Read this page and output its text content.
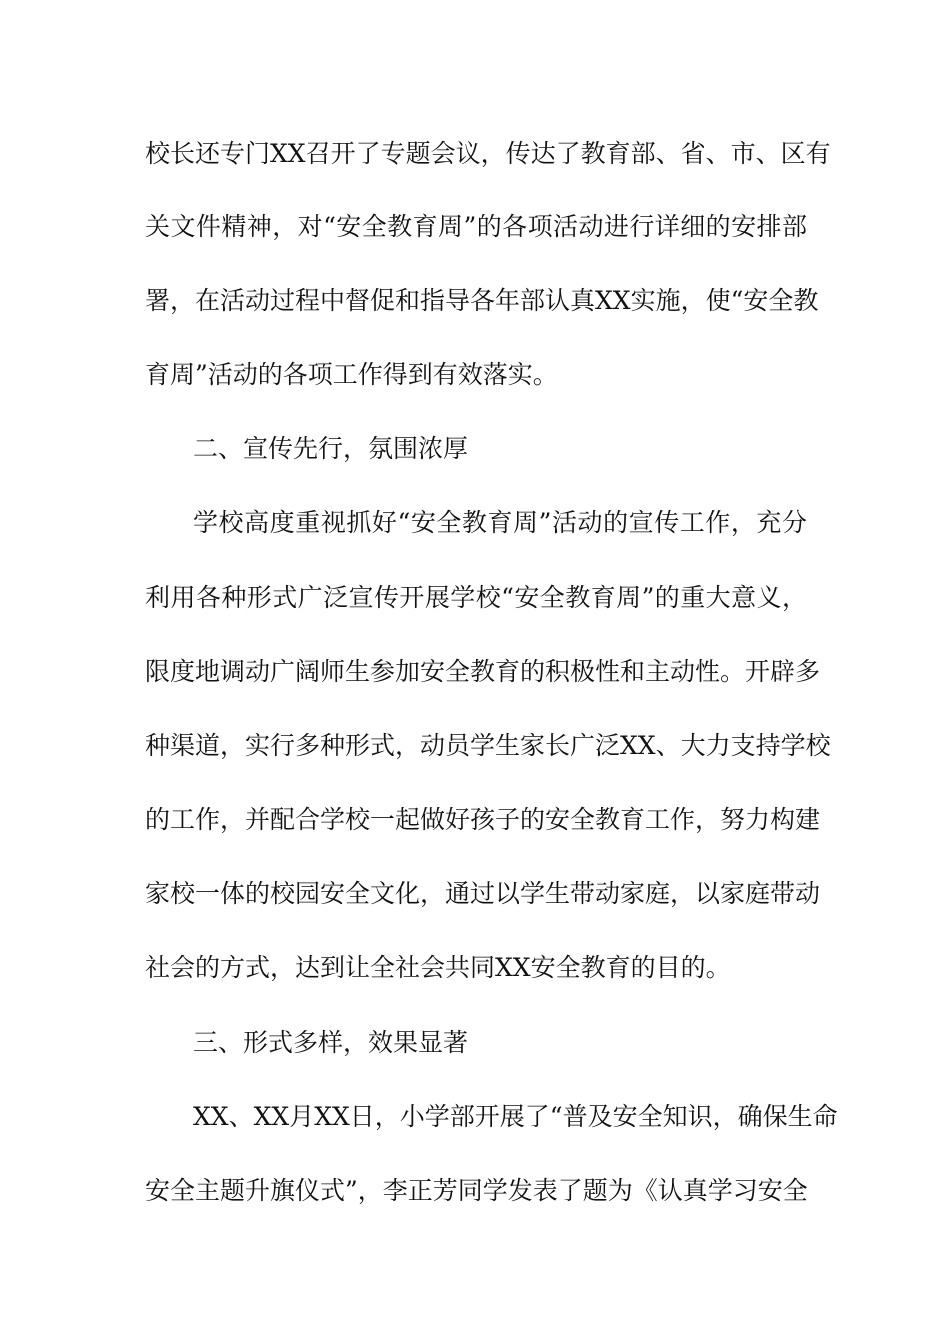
校长还专门XX召开了专题会议，传达了教育部、省、市、区有
关文件精神，对“安全教育周”的各项活动进行详细的安排部
署，在活动过程中督促和指导各年部认真XX实施，使“安全教
育周”活动的各项工作得到有效落实。
二、宣传先行，氛围浓厚
学校高度重视抓好“安全教育周”活动的宣传工作，充分
利用各种形式广泛宣传开展学校“安全教育周”的重大意义，
限度地调动广阔师生参加安全教育的积极性和主动性。开辟多
种渠道，实行多种形式，动员学生家长广泛XX、大力支持学校
的工作，并配合学校一起做好孩子的安全教育工作，努力构建
家校一体的校园安全文化，通过以学生带动家庭，以家庭带动
社会的方式，达到让全社会共同XX安全教育的目的。
三、形式多样，效果显著
XX、XX月XX日，小学部开展了“普及安全知识，确保生命
安全主题升旗仪式”，李正芳同学发表了题为《认真学习安全
